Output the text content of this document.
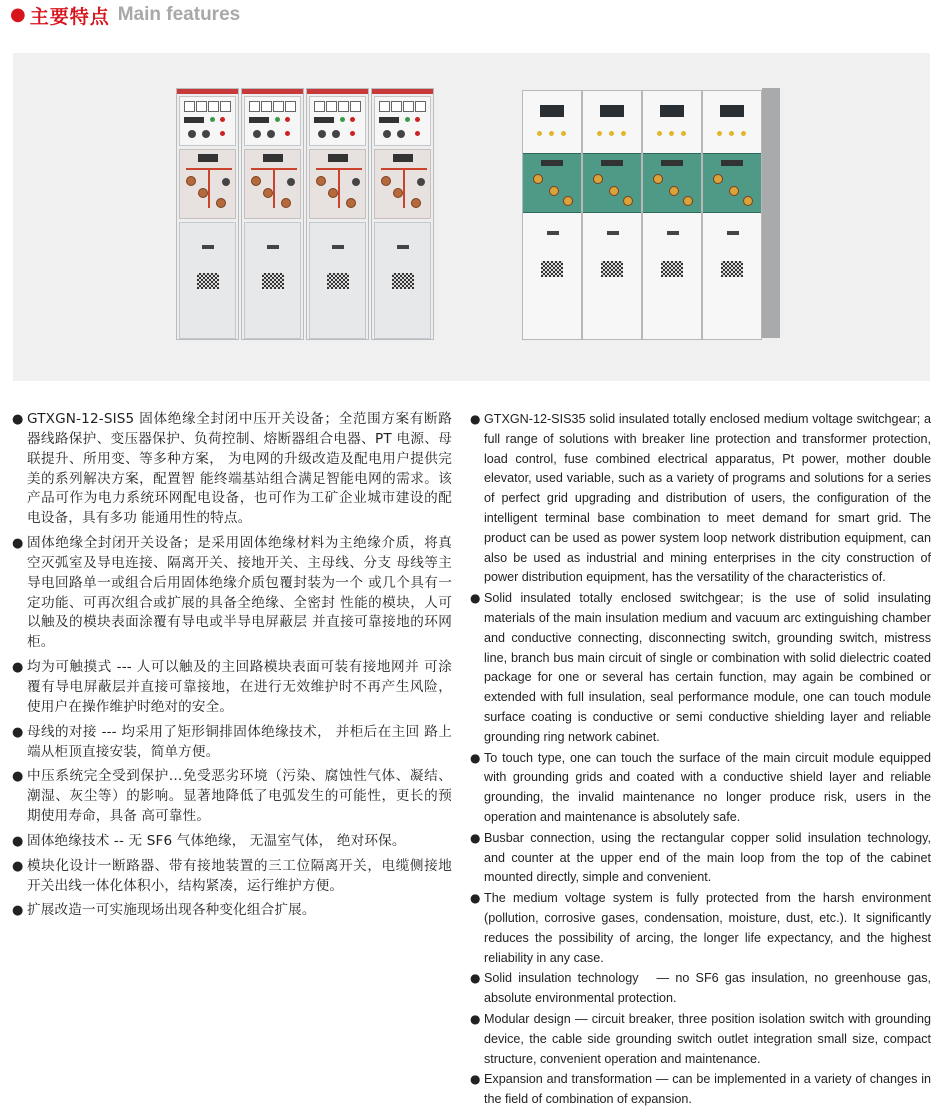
● 主要特点 Main features
● GTXGN-12-SIS5 固体绝缘全封闭中压开关设备；全范围方案有断路器线路保护、变压器保护、负荷控制、熔断器组合电器、PT 电源、母联提升、所用变、等多种方案， 为电网的升级改造及配电用户提供完美的系列解决方案，配置智 能终端基站组合满足智能电网的需求。该产品可作为电力系统环网配电设备，也可作为工矿企业城市建设的配电设备，具有多功 能通用性的特点。

● 固体绝缘全封闭开关设备；是采用固体绝缘材料为主绝缘介质，将真空灭弧室及导电连接、隔离开关、接地开关、主母线、分支 母线等主导电回路单一或组合后用固体绝缘介质包覆封装为一个 或几个具有一定功能、可再次组合或扩展的具备全绝缘、全密封 性能的模块，人可以触及的模块表面涂覆有导电或半导电屏蔽层 并直接可靠接地的环网柜。

● 均为可触摸式 --- 人可以触及的主回路模块表面可装有接地网并 可涂覆有导电屏蔽层并直接可靠接地，在进行无效维护时不再产生风险，使用户在操作维护时绝对的安全。

● 母线的对接 --- 均采用了矩形铜排固体绝缘技术， 并柜后在主回 路上端从柜顶直接安装，简单方便。

● 中压系统完全受到保护…免受恶劣环境（污染、腐蚀性气体、凝结、潮湿、灰尘等）的影响。显著地降低了电弧发生的可能性，更长的预期使用寿命，具备 高可靠性。

● 固体绝缘技术 -- 无 SF6 气体绝缘， 无温室气体， 绝对环保。

● 模块化设计一断路器、带有接地装置的三工位隔离开关，电缆侧接地开关出线一体化体积小，结构紧凑，运行维护方便。

● 扩展改造一可实施现场出现各种变化组合扩展。

● GTXGN-12-SIS35 solid insulated totally enclosed medium voltage switchgear; a full range of solutions with breaker line protection and transformer protection, load control, fuse combined electrical apparatus, Pt power, mother double elevator, used variable, such as a variety of programs and solutions for a series of perfect grid upgrading and distribution of users, the configuration of the intelligent terminal base combination to meet demand for smart grid. The product can be used as power system loop network distribution equipment, can also be used as industrial and mining enterprises in the city construction of power distribution equipment, has the versatility of the characteristics of.

● Solid insulated totally enclosed switchgear; is the use of solid insulating materials of the main insulation medium and vacuum arc extinguishing chamber and conductive connecting, disconnecting switch, grounding switch, mistress line, branch bus main circuit of single or combination with solid dielectric coated package for one or several has certain function, may again be combined or extended with full insulation, seal performance module, one can touch module surface coating is conductive or semi conductive shielding layer and reliable grounding ring network cabinet.

● To touch type, one can touch the surface of the main circuit module equipped with grounding grids and coated with a conductive shield layer and reliable grounding, the invalid maintenance no longer produce risk, users in the operation and maintenance is absolutely safe.

● Busbar connection, using the rectangular copper solid insulation technology, and counter at the upper end of the main loop from the top of the cabinet mounted directly, simple and convenient.

● The medium voltage system is fully protected from the harsh environment (pollution, corrosive gases, condensation, moisture, dust, etc.). It significantly reduces the possibility of arcing, the longer life expectancy, and the highest reliability in any case.

● Solid insulation technology　— no SF6 gas insulation, no greenhouse gas, absolute environmental protection.

● Modular design — circuit breaker, three position isolation switch with grounding device, the cable side grounding switch outlet integration small size, compact structure, convenient operation and maintenance.

● Expansion and transformation — can be implemented in a variety of changes in the field of combination of expansion.
